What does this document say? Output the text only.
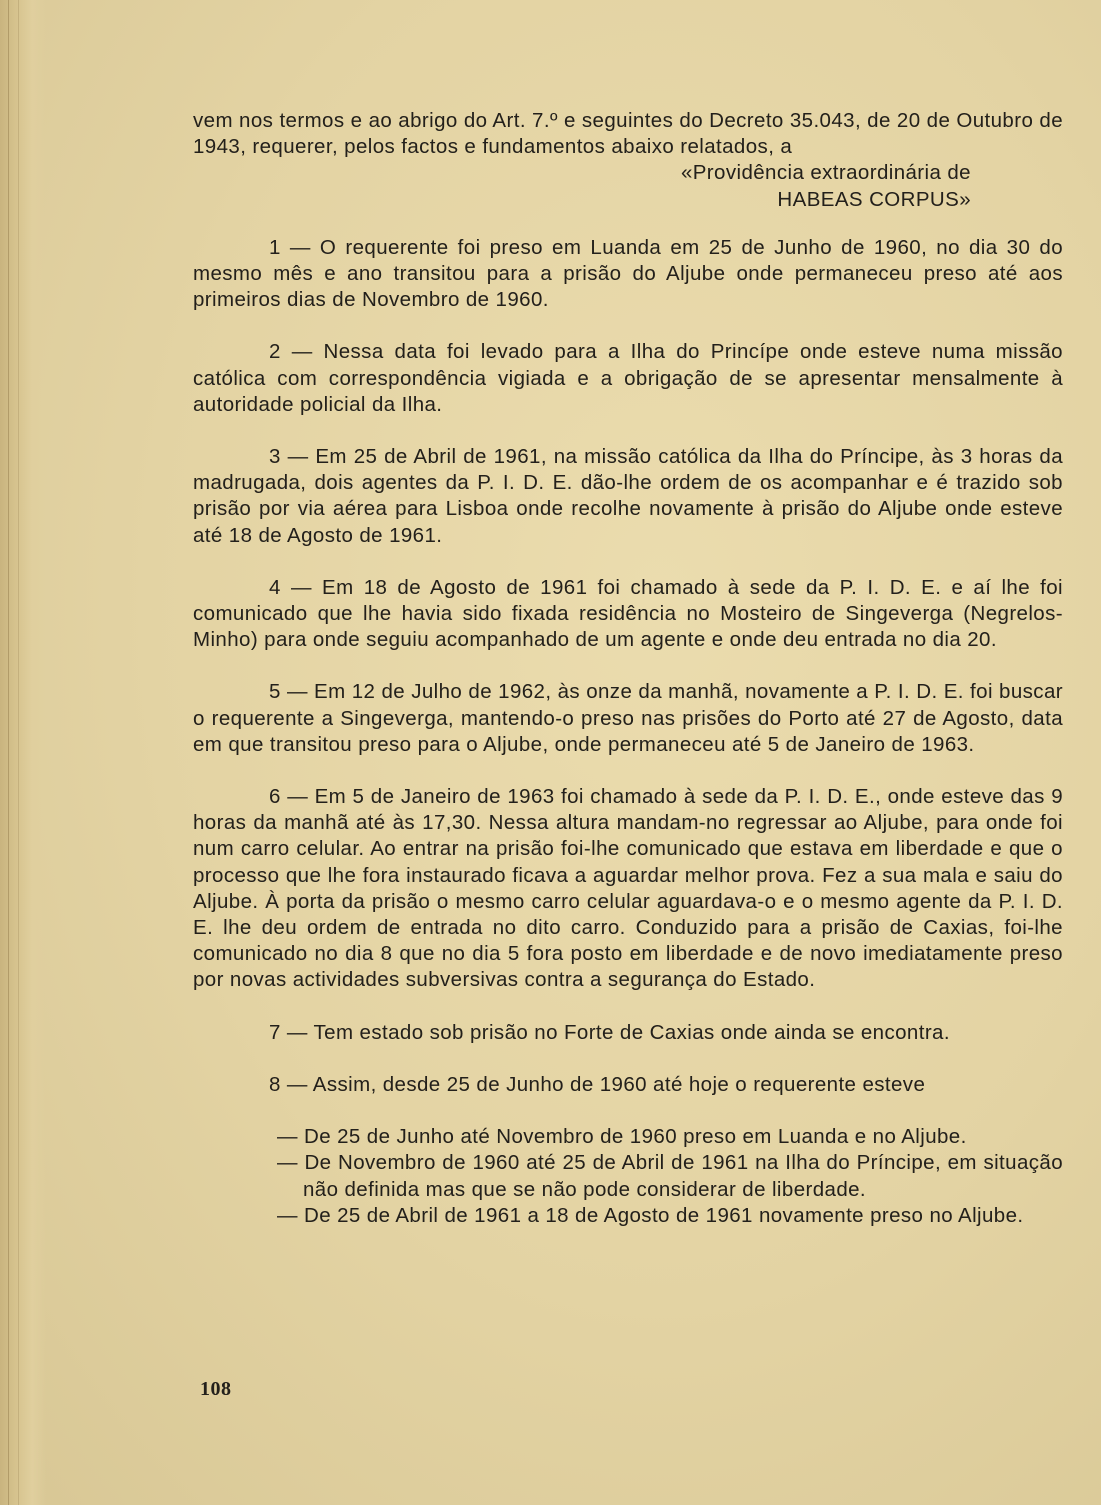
vem nos termos e ao abrigo do Art. 7.º e seguintes do Decreto 35.043, de 20 de Outubro de 1943, requerer, pelos factos e fundamentos abaixo relatados, a

«Providência extraordinária de
HABEAS CORPUS»

1 — O requerente foi preso em Luanda em 25 de Junho de 1960, no dia 30 do mesmo mês e ano transitou para a prisão do Aljube onde permaneceu preso até aos primeiros dias de Novembro de 1960.

2 — Nessa data foi levado para a Ilha do Princípe onde esteve numa missão católica com correspondência vigiada e a obrigação de se apresentar mensalmente à autoridade policial da Ilha.

3 — Em 25 de Abril de 1961, na missão católica da Ilha do Príncipe, às 3 horas da madrugada, dois agentes da P. I. D. E. dão-lhe ordem de os acompanhar e é trazido sob prisão por via aérea para Lisboa onde recolhe novamente à prisão do Aljube onde esteve até 18 de Agosto de 1961.

4 — Em 18 de Agosto de 1961 foi chamado à sede da P. I. D. E. e aí lhe foi comunicado que lhe havia sido fixada residência no Mosteiro de Singeverga (Negrelos-Minho) para onde seguiu acompanhado de um agente e onde deu entrada no dia 20.

5 — Em 12 de Julho de 1962, às onze da manhã, novamente a P. I. D. E. foi buscar o requerente a Singeverga, mantendo-o preso nas prisões do Porto até 27 de Agosto, data em que transitou preso para o Aljube, onde permaneceu até 5 de Janeiro de 1963.

6 — Em 5 de Janeiro de 1963 foi chamado à sede da P. I. D. E., onde esteve das 9 horas da manhã até às 17,30. Nessa altura mandam-no regressar ao Aljube, para onde foi num carro celular. Ao entrar na prisão foi-lhe comunicado que estava em liberdade e que o processo que lhe fora instaurado ficava a aguardar melhor prova. Fez a sua mala e saiu do Aljube. À porta da prisão o mesmo carro celular aguardava-o e o mesmo agente da P. I. D. E. lhe deu ordem de entrada no dito carro. Conduzido para a prisão de Caxias, foi-lhe comunicado no dia 8 que no dia 5 fora posto em liberdade e de novo imediatamente preso por novas actividades subversivas contra a segurança do Estado.

7 — Tem estado sob prisão no Forte de Caxias onde ainda se encontra.

8 — Assim, desde 25 de Junho de 1960 até hoje o requerente esteve

— De 25 de Junho até Novembro de 1960 preso em Luanda e no Aljube.

— De Novembro de 1960 até 25 de Abril de 1961 na Ilha do Príncipe, em situação não definida mas que se não pode considerar de liberdade.

— De 25 de Abril de 1961 a 18 de Agosto de 1961 novamente preso no Aljube.

108
